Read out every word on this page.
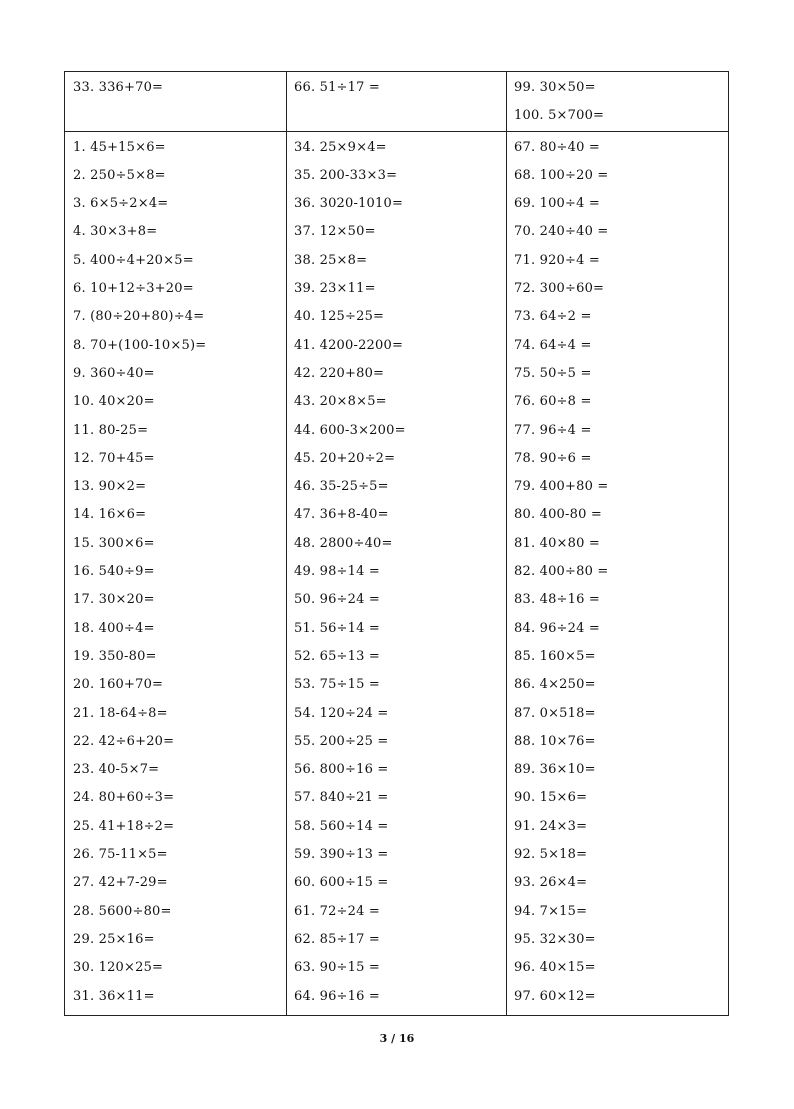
33. 336+70=	66. 51÷17 =	99. 30×50=
100. 5×700=
1. 45+15×6=
2. 250÷5×8=
3. 6×5÷2×4=
4. 30×3+8=
5. 400÷4+20×5=
6. 10+12÷3+20=
7. (80÷20+80)÷4=
8. 70+(100-10×5)=
9. 360÷40=
10. 40×20=
11. 80-25=
12. 70+45=
13. 90×2=
14. 16×6=
15. 300×6=
16. 540÷9=
17. 30×20=
18. 400÷4=
19. 350-80=
20. 160+70=
21. 18-64÷8=
22. 42÷6+20=
23. 40-5×7=
24. 80+60÷3=
25. 41+18÷2=
26. 75-11×5=
27. 42+7-29=
28. 5600÷80=
29. 25×16=
30. 120×25=
31. 36×11=
34. 25×9×4=
35. 200-33×3=
36. 3020-1010=
37. 12×50=
38. 25×8=
39. 23×11=
40. 125÷25=
41. 4200-2200=
42. 220+80=
43. 20×8×5=
44. 600-3×200=
45. 20+20÷2=
46. 35-25÷5=
47. 36+8-40=
48. 2800÷40=
49. 98÷14 =
50. 96÷24 =
51. 56÷14 =
52. 65÷13 =
53. 75÷15 =
54. 120÷24 =
55. 200÷25 =
56. 800÷16 =
57. 840÷21 =
58. 560÷14 =
59. 390÷13 =
60. 600÷15 =
61. 72÷24 =
62. 85÷17 =
63. 90÷15 =
64. 96÷16 =
67. 80÷40 =
68. 100÷20 =
69. 100÷4 =
70. 240÷40 =
71. 920÷4 =
72. 300÷60=
73. 64÷2 =
74. 64÷4 =
75. 50÷5 =
76. 60÷8 =
77. 96÷4 =
78. 90÷6 =
79. 400+80 =
80. 400-80 =
81. 40×80 =
82. 400÷80 =
83. 48÷16 =
84. 96÷24 =
85. 160×5=
86. 4×250=
87. 0×518=
88. 10×76=
89. 36×10=
90. 15×6=
91. 24×3=
92. 5×18=
93. 26×4=
94. 7×15=
95. 32×30=
96. 40×15=
97. 60×12=
3 / 16
